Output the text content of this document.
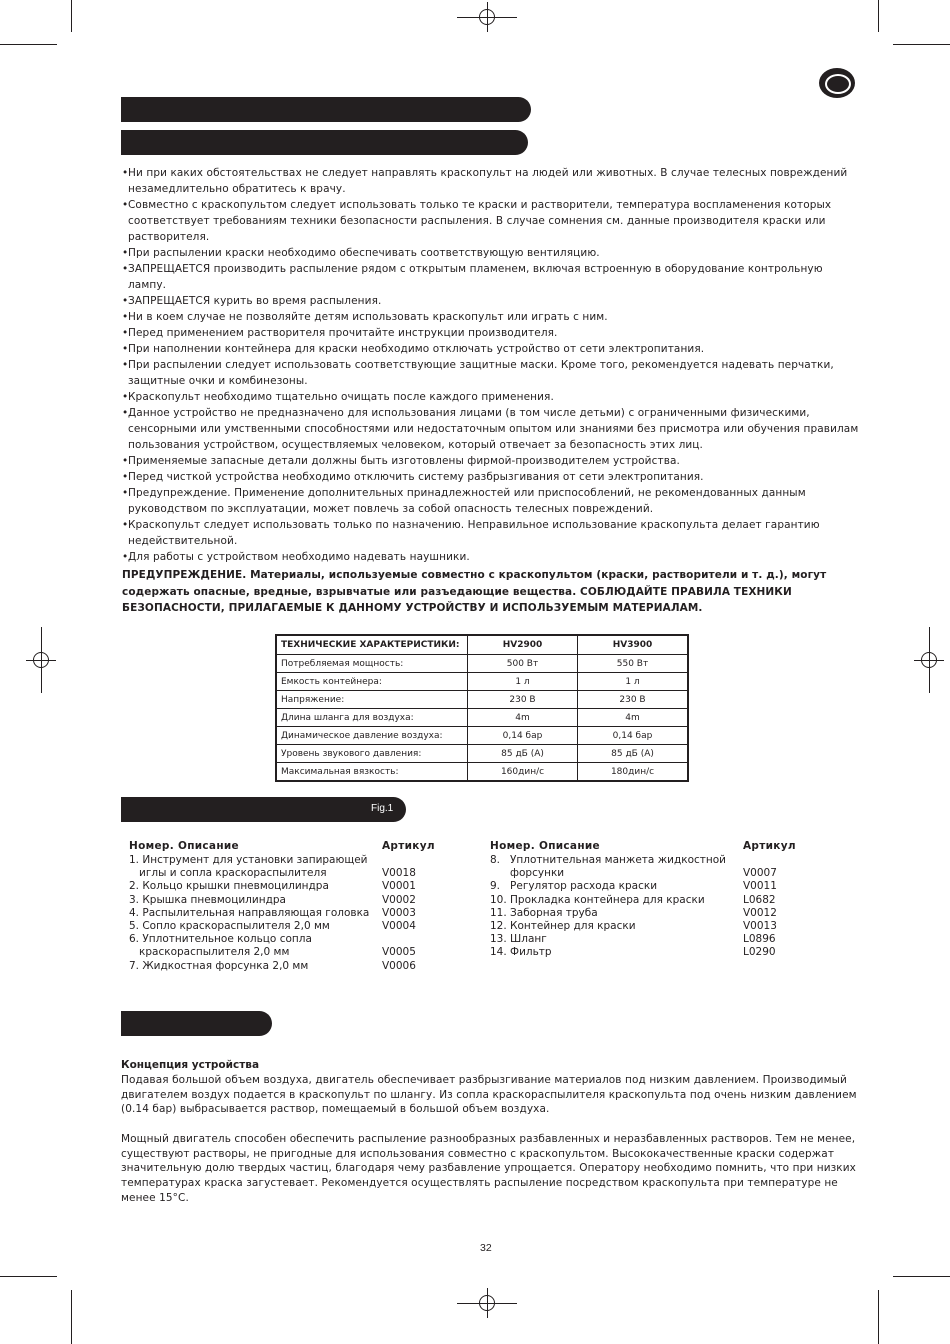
• Ни при каких обстоятельствах не следует направлять краскопульт на людей или животных. В случае телесных повреждений незамедлительно обратитесь к врачу.
• Совместно с краскопультом следует использовать только те краски и растворители, температура воспламенения которых соответствует требованиям техники безопасности распыления. В случае сомнения см. данные производителя краски или растворителя.
• При распылении краски необходимо обеспечивать соответствующую вентиляцию.
• ЗАПРЕЩАЕТСЯ производить распыление рядом с открытым пламенем, включая встроенную в оборудование контрольную лампу.
• ЗАПРЕЩАЕТСЯ курить во время распыления.
• Ни в коем случае не позволяйте детям использовать краскопульт или играть с ним.
• Перед применением растворителя прочитайте инструкции производителя.
• При наполнении контейнера для краски необходимо отключать устройство от сети электропитания.
• При распылении следует использовать соответствующие защитные маски. Кроме того, рекомендуется надевать перчатки, защитные очки и комбинезоны.
• Краскопульт необходимо тщательно очищать после каждого применения.
• Данное устройство не предназначено для использования лицами (в том числе детьми) с ограниченными физическими, сенсорными или умственными способностями или недостаточным опытом или знаниями без присмотра или обучения правилам пользования устройством, осуществляемых человеком, который отвечает за безопасность этих лиц.
• Применяемые запасные детали должны быть изготовлены фирмой-производителем устройства.
• Перед чисткой устройства необходимо отключить систему разбрызгивания от сети электропитания.
• Предупреждение. Применение дополнительных принадлежностей или приспособлений, не рекомендованных данным руководством по эксплуатации, может повлечь за собой опасность телесных повреждений.
• Краскопульт следует использовать только по назначению. Неправильное использование краскопульта делает гарантию недействительной.
• Для работы с устройством необходимо надевать наушники.
ПРЕДУПРЕЖДЕНИЕ. Материалы, используемые совместно с краскопультом (краски, растворители и т. д.), могут содержать опасные, вредные, взрывчатые или разъедающие вещества. СОБЛЮДАЙТЕ ПРАВИЛА ТЕХНИКИ БЕЗОПАСНОСТИ, ПРИЛАГАЕМЫЕ К ДАННОМУ УСТРОЙСТВУ И ИСПОЛЬЗУЕМЫМ МАТЕРИАЛАМ.
ТЕХНИЧЕСКИЕ ХАРАКТЕРИСТИКИ:	HV2900	HV3900
Потребляемая мощность:	500 Вт	550 Вт
Емкость контейнера:	1 л	1 л
Напряжение:	230 В	230 В
Длина шланга для воздуха:	4m	4m
Динамическое давление воздуха:	0,14 бар	0,14 бар
Уровень звукового давления:	85 дБ (A)	85 дБ (A)
Максимальная вязкость:	160дин/с	180дин/с
Fig.1
Номер. Описание	Артикул
1. Инструмент для установки запирающей
иглы и сопла краскораспылителя	V0018
2. Кольцо крышки пневмоцилиндра	V0001
3. Крышка пневмоцилиндра	V0002
4. Распылительная направляющая головка	V0003
5. Сопло краскораспылителя 2,0 мм	V0004
6. Уплотнительное кольцо сопла
краскораспылителя 2,0 мм	V0005
7. Жидкостная форсунка 2,0 мм	V0006
Номер. Описание	Артикул
8.   Уплотнительная манжета жидкостной
форсунки	V0007
9.   Регулятор расхода краски	V0011
10. Прокладка контейнера для краски	L0682
11. Заборная труба	V0012
12. Контейнер для краски	V0013
13. Шланг	L0896
14. Фильтр	L0290
Концепция устройства

Подавая большой объем воздуха, двигатель обеспечивает разбрызгивание материалов под низким давлением. Производимый двигателем воздух подается в краскопульт по шлангу. Из сопла краскораспылителя краскопульта под очень низким давлением (0.14 бар) выбрасывается раствор, помещаемый в большой объем воздуха.

Мощный двигатель способен обеспечить распыление разнообразных разбавленных и неразбавленных растворов. Тем не менее, существуют растворы, не пригодные для использования совместно с краскопультом. Высококачественные краски содержат значительную долю твердых частиц, благодаря чему разбавление упрощается. Оператору необходимо помнить, что при низких температурах краска загустевает. Рекомендуется осуществлять распыление посредством краскопульта при температуре не менее 15°C.

32
